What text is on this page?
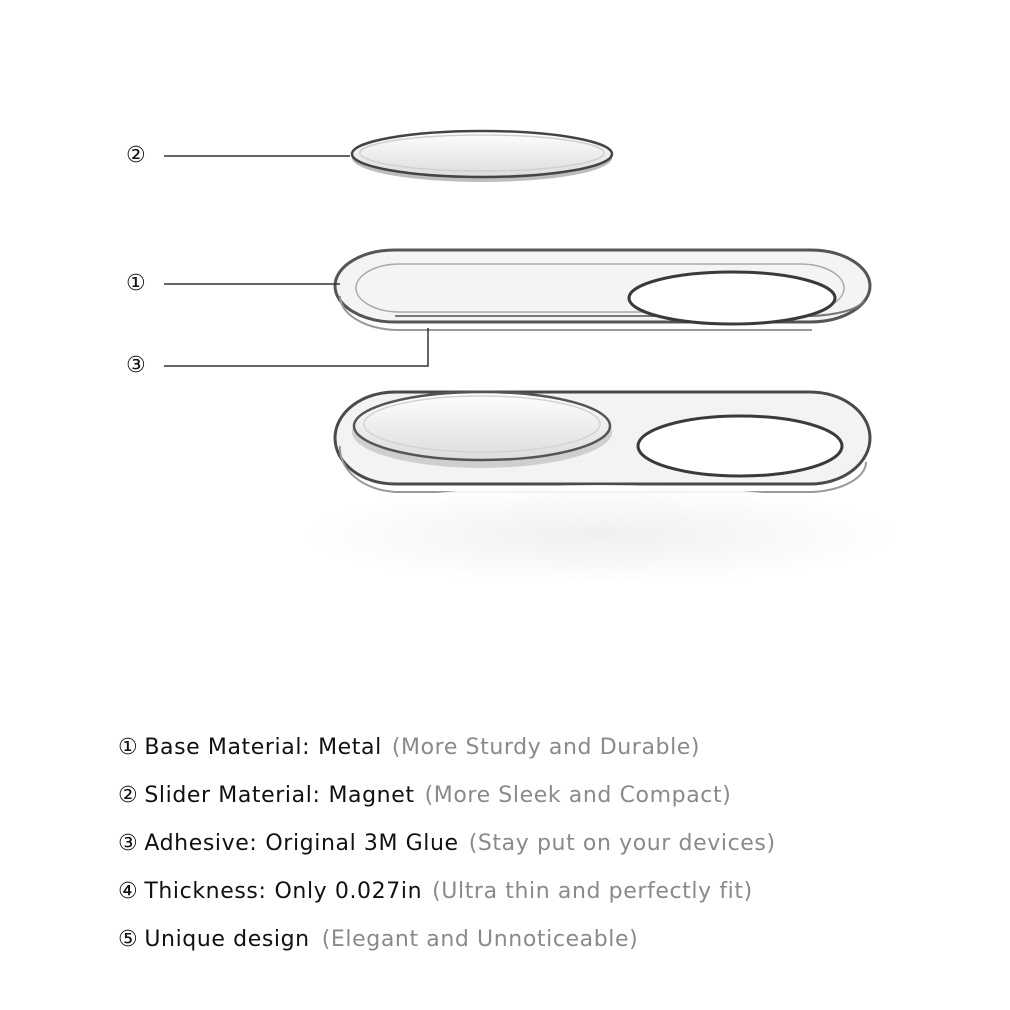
②
①
③
① Base Material : Metal (More Sturdy and Durable)
② Slider Material : Magnet (More Sleek and Compact)
③ Adhesive : Original 3M Glue (Stay put on your devices)
④ Thickness : Only 0.027in (Ultra thin and perfectly fit)
⑤ Unique design (Elegant and Unnoticeable)
